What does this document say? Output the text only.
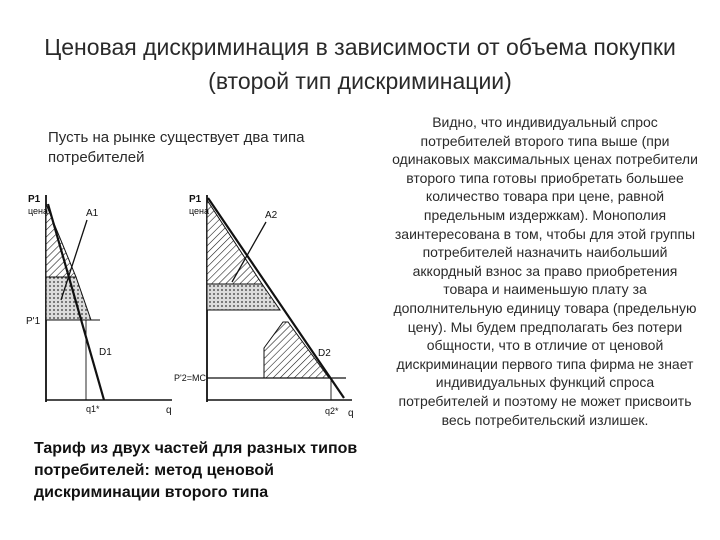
Ценовая дискриминация в зависимости от объема покупки (второй тип дискриминации)
Пусть на рынке существует два типа потребителей
Видно, что индивидуальный спрос потребителей второго типа выше (при одинаковых максимальных ценах потребители второго типа готовы приобретать большее количество товара при цене, равной предельным издержкам). Монополия заинтересована в том, чтобы для этой группы потребителей назначить наибольший аккордный взнос за право приобретения товара и наименьшую плату за дополнительную единицу товара (предельную цену). Мы будем предполагать без потери общности, что в отличие от ценовой дискриминации первого типа фирма не знает индивидуальных функций спроса потребителей и поэтому не может присвоить весь потребительский излишек.
Тариф из двух частей для разных типов потребителей: метод ценовой дискриминации второго типа
P1
цена	A1
P'1
D1
q1*	q
P1
цена	A2
P'2=MC
D2
q2* q
